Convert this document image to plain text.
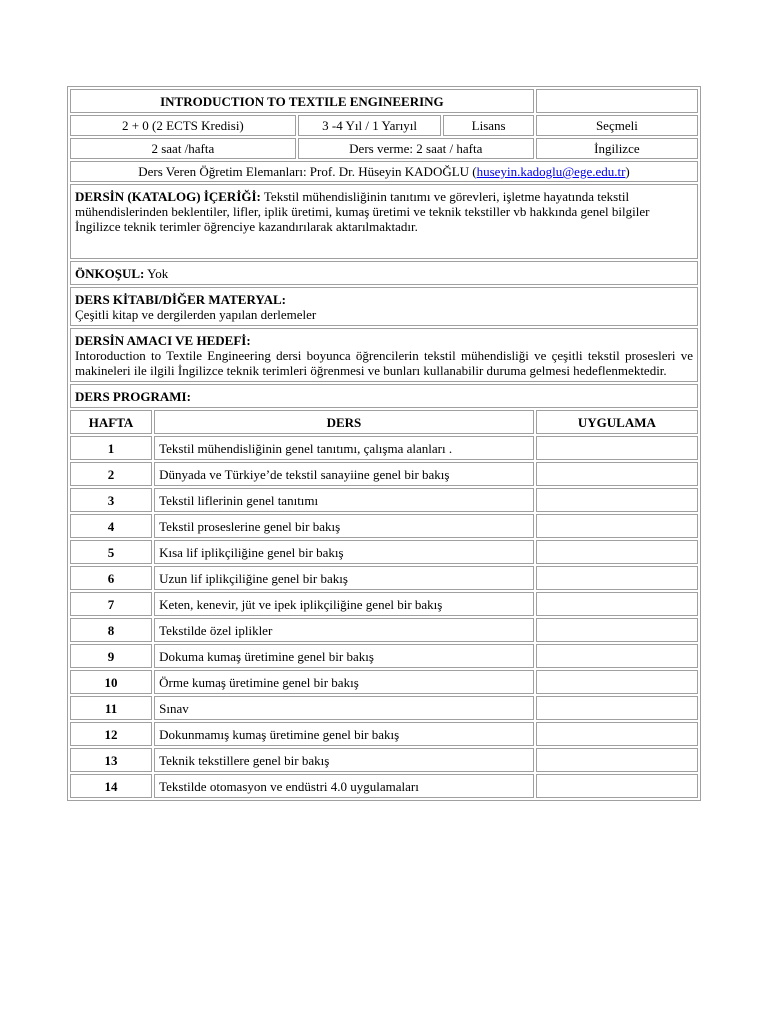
INTRODUCTION TO TEXTILE ENGINEERING				

2 + 0 (2 ECTS Kredisi)		3 -4 Yıl / 1 Yarıyıl	Lisans	Seçmeli

2 saat /hafta		Ders verme: 2 saat / hafta		İngilizce

Ders Veren Öğretim Elemanları: Prof. Dr. Hüseyin KADOĞLU (huseyin.kadoglu@ege.edu.tr)				

DERSİN (KATALOG) İÇERİĞİ: Tekstil mühendisliğinin tanıtımı ve görevleri, işletme hayatında tekstil mühendislerinden beklentiler, lifler, iplik üretimi, kumaş üretimi ve teknik tekstiller vb hakkında genel bilgiler İngilizce teknik terimler öğrenciye kazandırılarak aktarılmaktadır.				
ÖNKOŞUL: Yok				

DERS KİTABI/DİĞER MATERYAL:
Çeşitli kitap ve dergilerden yapılan derlemeler				

DERSİN AMACI VE HEDEFİ:
Intoroduction to Textile Engineering dersi boyunca öğrencilerin tekstil mühendisliği ve çeşitli tekstil prosesleri ve makineleri ile ilgili İngilizce teknik terimleri öğrenmesi ve bunları kullanabilir duruma gelmesi hedeflenmektedir.				

DERS PROGRAMI:				
HAFTA	DERS			UYGULAMA
1	Tekstil mühendisliğinin genel tanıtımı, çalışma alanları .			
2	Dünyada ve Türkiye’de tekstil sanayiine genel bir bakış			
3	Tekstil liflerinin genel tanıtımı			
4	Tekstil proseslerine genel bir bakış			
5	Kısa lif iplikçiliğine genel bir bakış			
6	Uzun lif iplikçiliğine genel bir bakış			
7	Keten, kenevir, jüt ve ipek iplikçiliğine genel bir bakış			
8	Tekstilde özel iplikler			
9	Dokuma kumaş üretimine genel bir bakış			
10	Örme kumaş üretimine genel bir bakış			
11	Sınav			
12	Dokunmamış kumaş üretimine genel bir bakış			
13	Teknik tekstillere genel bir bakış			
14	Tekstilde otomasyon ve endüstri 4.0 uygulamaları			
